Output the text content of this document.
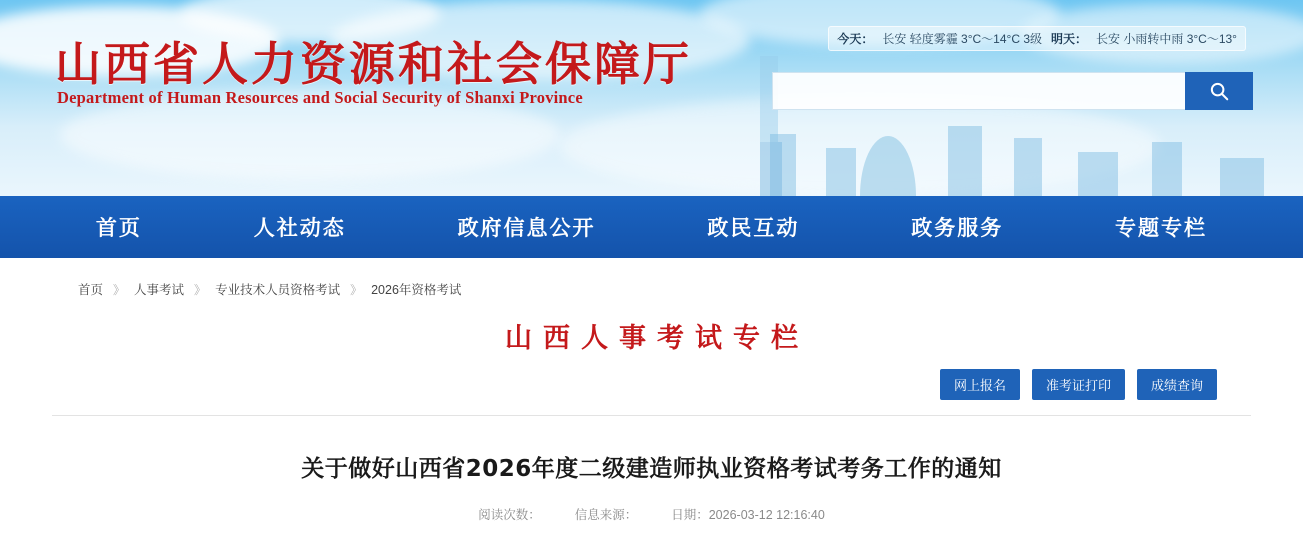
山西省人力资源和社会保障厅
Department of Human Resources and Social Security of Shanxi Province
今天： 长安 轻度雾霾 3°C～14°C 3级 明天： 长安 小雨转中雨 3°C～13°
首页	人社动态	政府信息公开	政民互动	政务服务	专题专栏
首页 》 人事考试 》 专业技术人员资格考试 》 2026年资格考试
山西人事考试专栏
网上报名	准考证打印	成绩查询
关于做好山西省2026年度二级建造师执业资格考试考务工作的通知
阅读次数：	信息来源：	日期：2026-03-12 12:16:40
